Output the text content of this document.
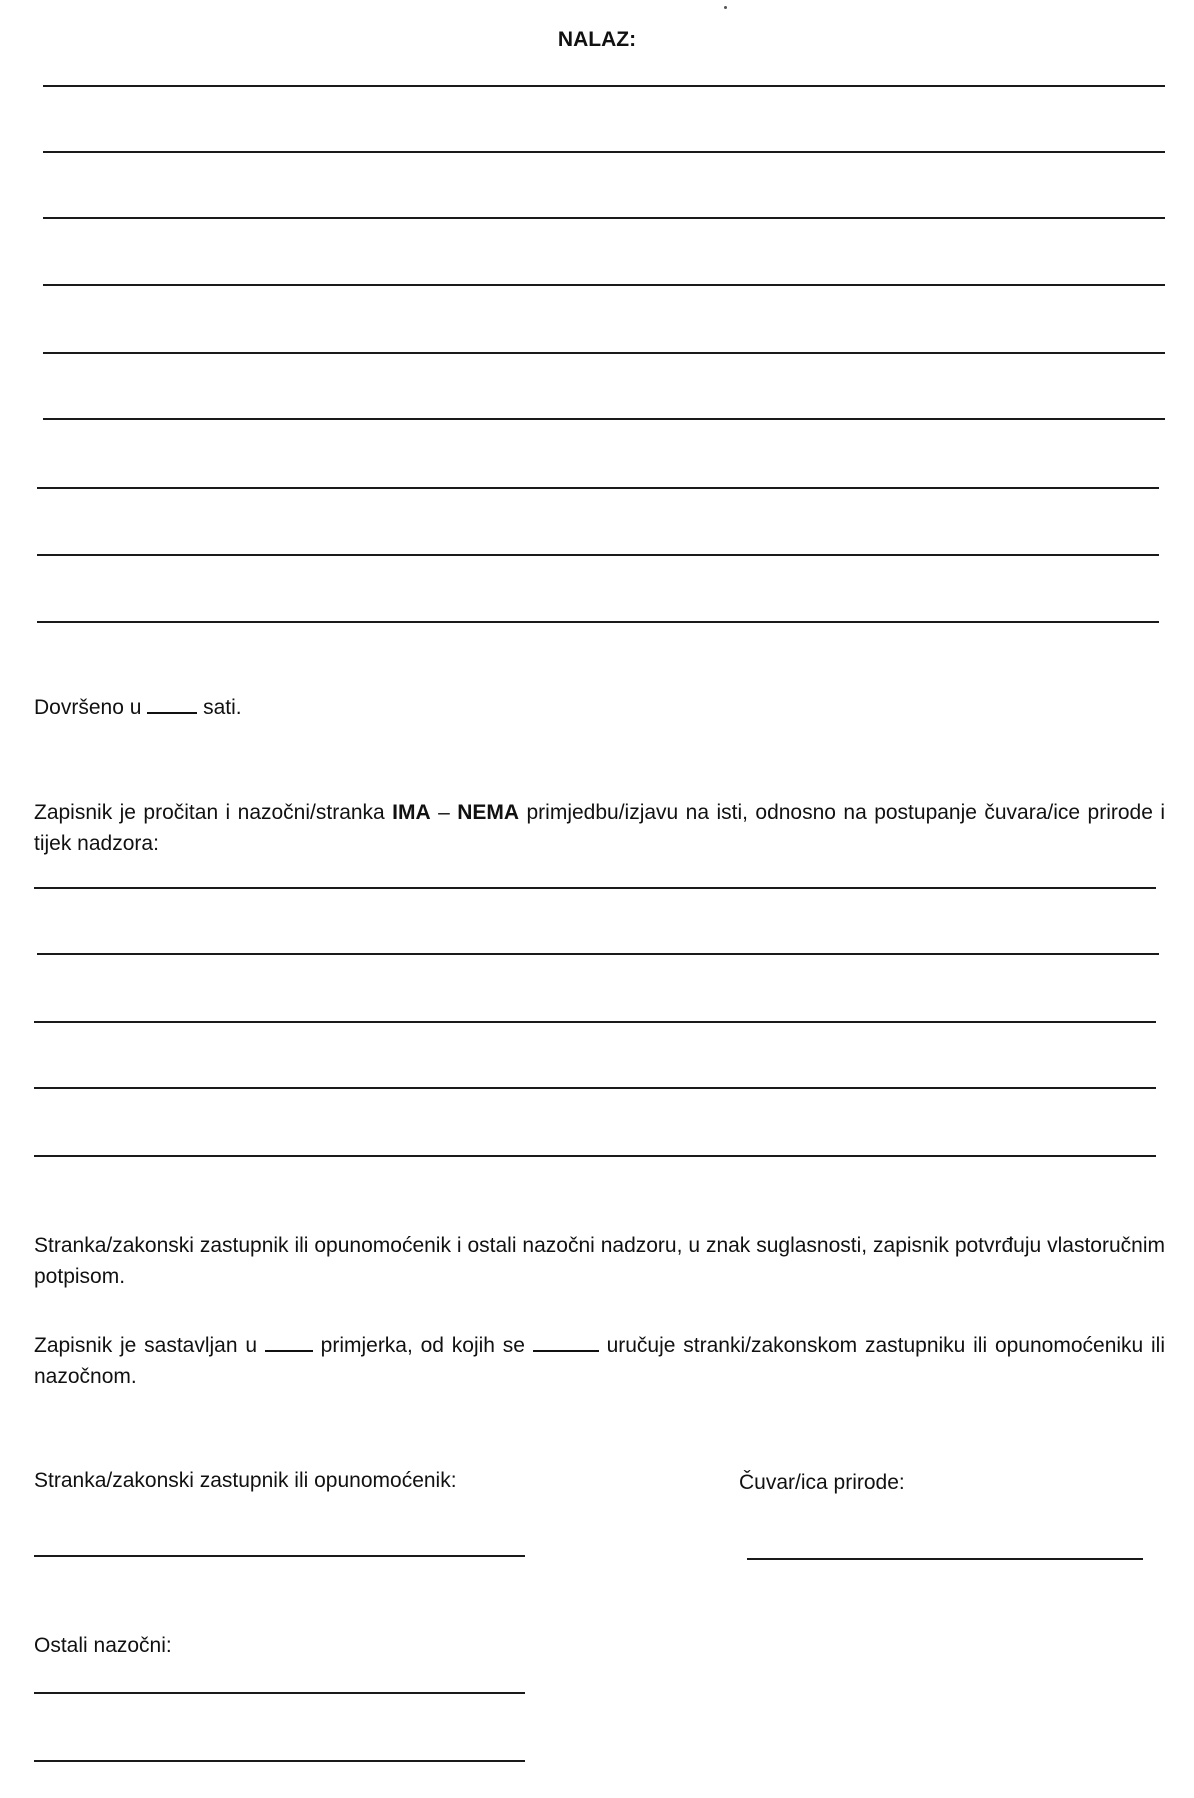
NALAZ:
Dovršeno u	sati.
Zapisnik je pročitan i nazočni/stranka IMA – NEMA primjedbu/izjavu na isti, odnosno na postupanje čuvara/ice prirode i tijek nadzora:
Stranka/zakonski zastupnik ili opunomoćenik i ostali nazočni nadzoru, u znak suglasnosti, zapisnik potvrđuju vlastoručnim potpisom.
Zapisnik je sastavljan u	primjerka, od kojih se	uručuje stranki/zakonskom zastupniku ili opunomoćeniku ili nazočnom.
Stranka/zakonski zastupnik ili opunomoćenik:	Čuvar/ica prirode:
Ostali nazočni:
